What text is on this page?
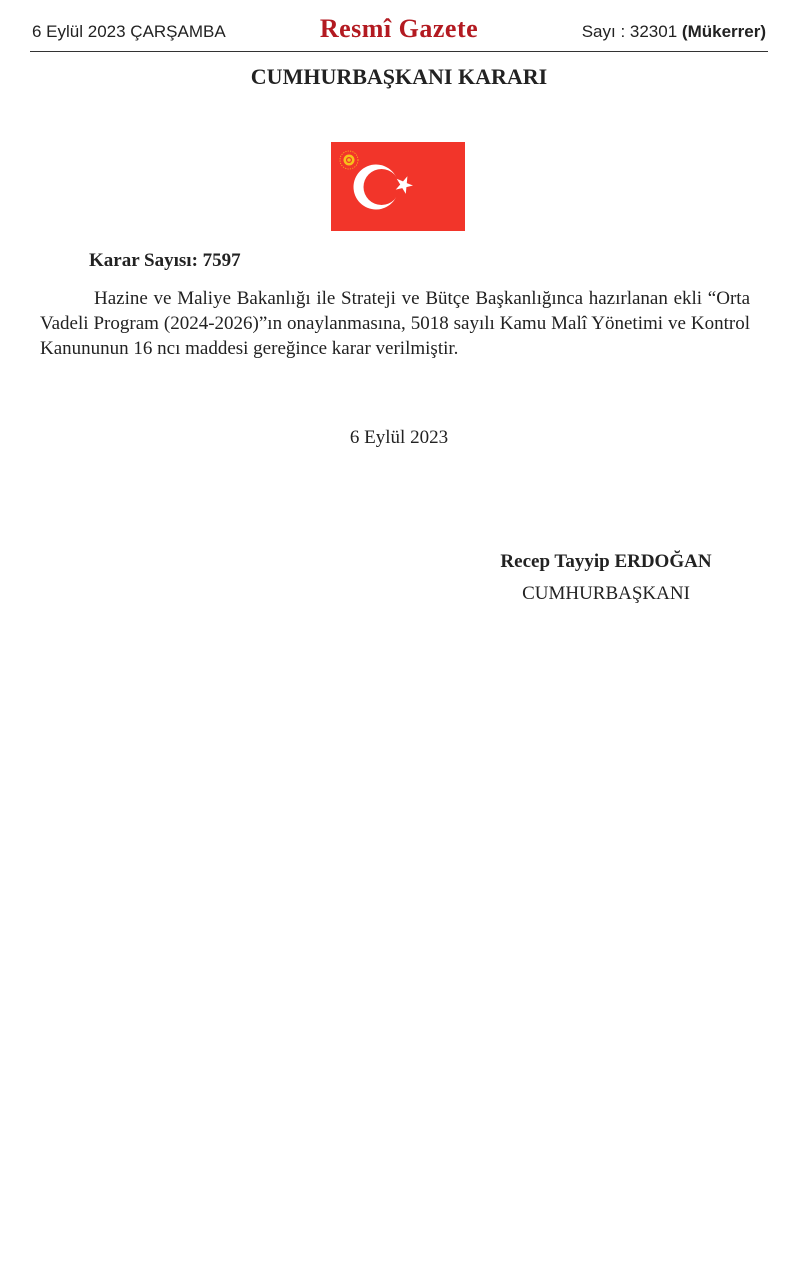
6 Eylül 2023 ÇARŞAMBA	Resmî Gazete	Sayı : 32301 (Mükerrer)
CUMHURBAŞKANI KARARI
Karar Sayısı: 7597

Hazine ve Maliye Bakanlığı ile Strateji ve Bütçe Başkanlığınca hazırlanan ekli “Orta Vadeli Program (2024-2026)”ın onaylanmasına, 5018 sayılı Kamu Malî Yönetimi ve Kontrol Kanununun 16 ncı maddesi gereğince karar verilmiştir.

6 Eylül 2023
Recep Tayyip ERDOĞAN
CUMHURBAŞKANI
